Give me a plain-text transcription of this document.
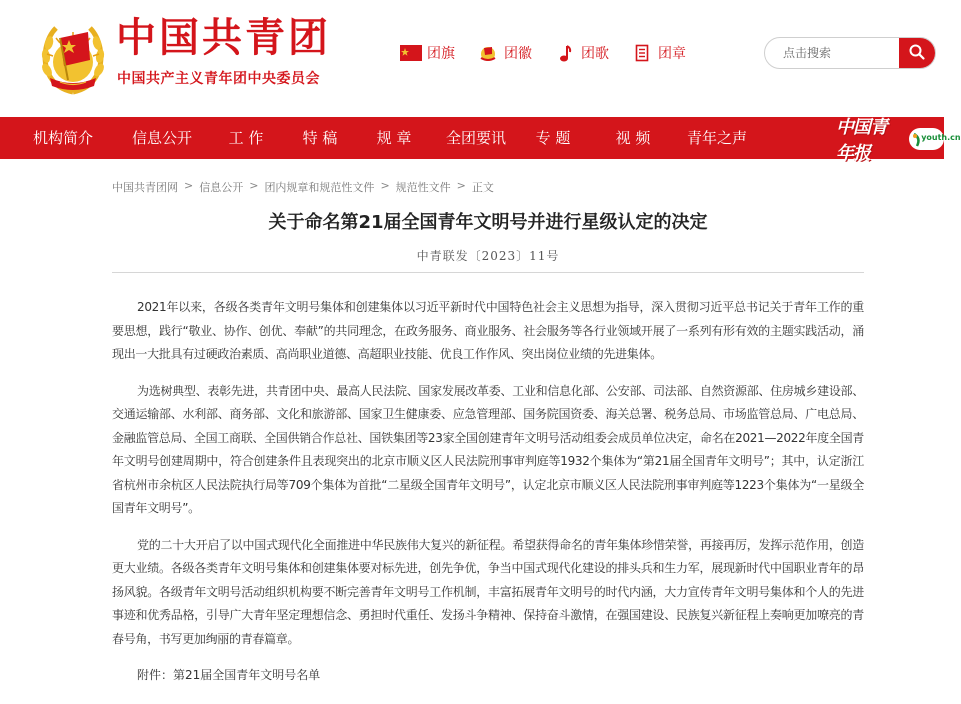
中国共青团
中国共产主义青年团中央委员会
团旗	团徽	团歌	团章
点击搜索
机构简介	信息公开	工 作	特 稿	规 章	全团要讯	专 题	视 频	青年之声	中国青年报
youth.cn
中国共青团网 > 信息公开 > 团内规章和规范性文件 > 规范性文件 > 正文
关于命名第21届全国青年文明号并进行星级认定的决定
中青联发〔2023〕11号

2021年以来，各级各类青年文明号集体和创建集体以习近平新时代中国特色社会主义思想为指导，深入贯彻习近平总书记关于青年工作的重要思想，践行“敬业、协作、创优、奉献”的共同理念，在政务服务、商业服务、社会服务等各行业领域开展了一系列有形有效的主题实践活动，涌现出一大批具有过硬政治素质、高尚职业道德、高超职业技能、优良工作作风、突出岗位业绩的先进集体。

为选树典型、表彰先进，共青团中央、最高人民法院、国家发展改革委、工业和信息化部、公安部、司法部、自然资源部、住房城乡建设部、交通运输部、水利部、商务部、文化和旅游部、国家卫生健康委、应急管理部、国务院国资委、海关总署、税务总局、市场监管总局、广电总局、金融监管总局、全国工商联、全国供销合作总社、国铁集团等23家全国创建青年文明号活动组委会成员单位决定，命名在2021—2022年度全国青年文明号创建周期中，符合创建条件且表现突出的北京市顺义区人民法院刑事审判庭等1932个集体为“第21届全国青年文明号”；其中，认定浙江省杭州市余杭区人民法院执行局等709个集体为首批“二星级全国青年文明号”，认定北京市顺义区人民法院刑事审判庭等1223个集体为“一星级全国青年文明号”。

党的二十大开启了以中国式现代化全面推进中华民族伟大复兴的新征程。希望获得命名的青年集体珍惜荣誉，再接再厉，发挥示范作用，创造更大业绩。各级各类青年文明号集体和创建集体要对标先进，创先争优，争当中国式现代化建设的排头兵和生力军，展现新时代中国职业青年的昂扬风貌。各级青年文明号活动组织机构要不断完善青年文明号工作机制，丰富拓展青年文明号的时代内涵，大力宣传青年文明号集体和个人的先进事迹和优秀品格，引导广大青年坚定理想信念、勇担时代重任、发扬斗争精神、保持奋斗激情，在强国建设、民族复兴新征程上奏响更加嘹亮的青春号角，书写更加绚丽的青春篇章。

附件：第21届全国青年文明号名单
